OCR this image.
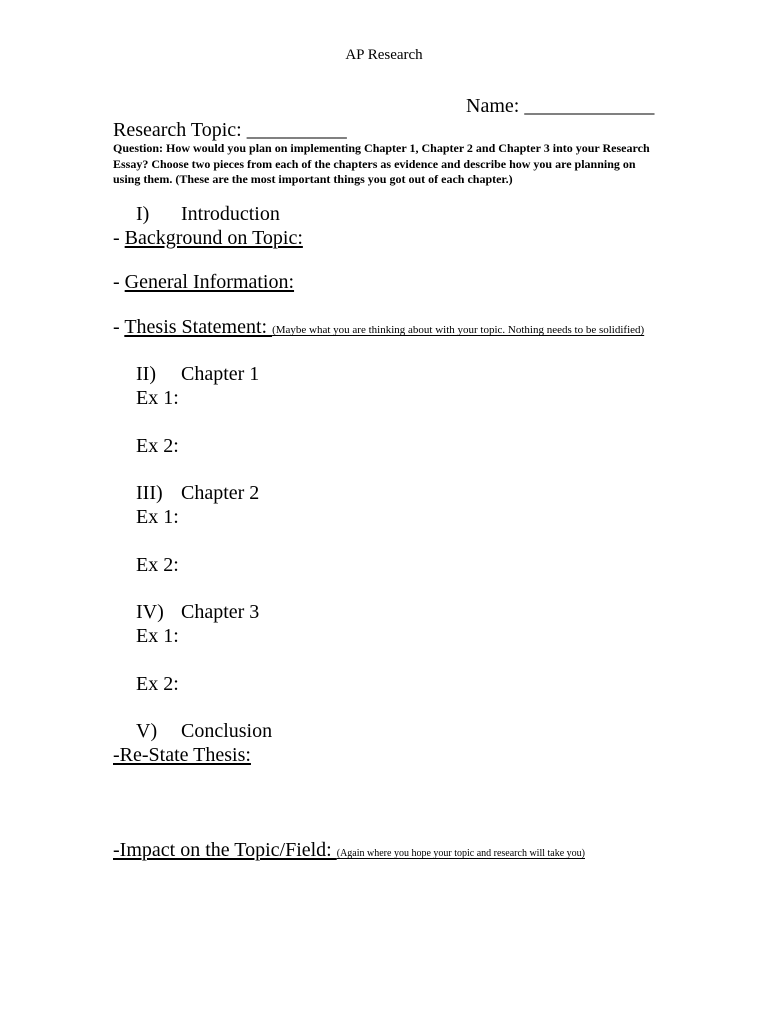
AP Research
Name: _____________
Research Topic: __________
Question: How would you plan on implementing Chapter 1, Chapter 2 and Chapter 3 into your Research Essay? Choose two pieces from each of the chapters as evidence and describe how you are planning on using them. (These are the most important things you got out of each chapter.)
I) Introduction
- Background on Topic:
- General Information:
- Thesis Statement: (Maybe what you are thinking about with your topic. Nothing needs to be solidified)
II) Chapter 1
Ex 1:
Ex 2:
III) Chapter 2
Ex 1:
Ex 2:
IV) Chapter 3
Ex 1:
Ex 2:
V) Conclusion
-Re-State Thesis:
-Impact on the Topic/Field: (Again where you hope your topic and research will take you)
